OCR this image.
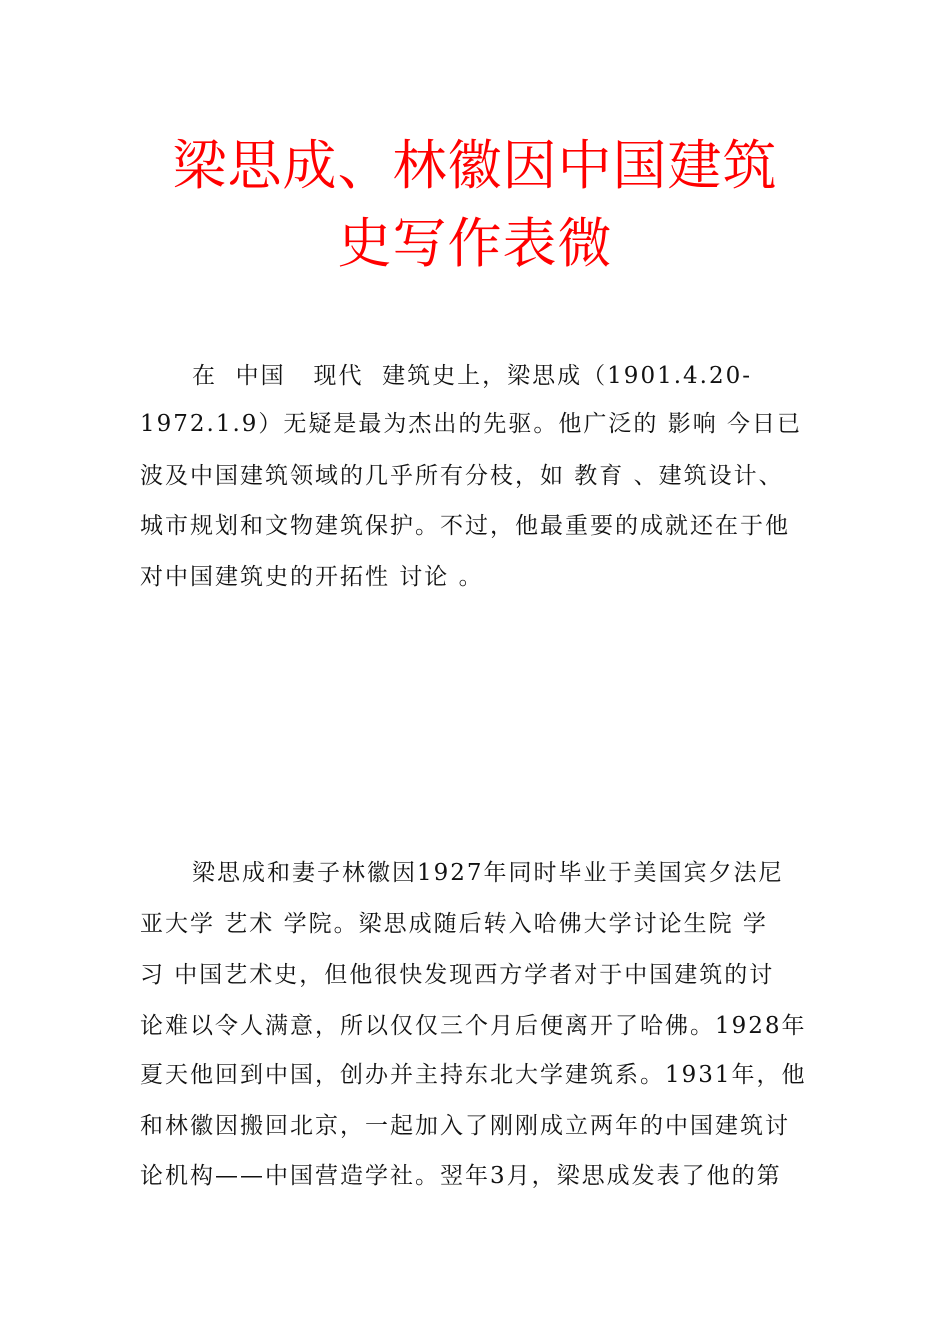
梁思成、林徽因中国建筑
史写作表微

在  中国   现代  建筑史上，梁思成（1901.4.20-

1972.1.9）无疑是最为杰出的先驱。他广泛的 影响 今日已

波及中国建筑领域的几乎所有分枝，如 教育 、建筑设计、

城市规划和文物建筑保护。不过，他最重要的成就还在于他

对中国建筑史的开拓性 讨论 。

梁思成和妻子林徽因1927年同时毕业于美国宾夕法尼

亚大学 艺术 学院。梁思成随后转入哈佛大学讨论生院 学

习 中国艺术史，但他很快发现西方学者对于中国建筑的讨

论难以令人满意，所以仅仅三个月后便离开了哈佛。1928年

夏天他回到中国，创办并主持东北大学建筑系。1931年，他

和林徽因搬回北京，一起加入了刚刚成立两年的中国建筑讨

论机构——中国营造学社。翌年3月，梁思成发表了他的第
